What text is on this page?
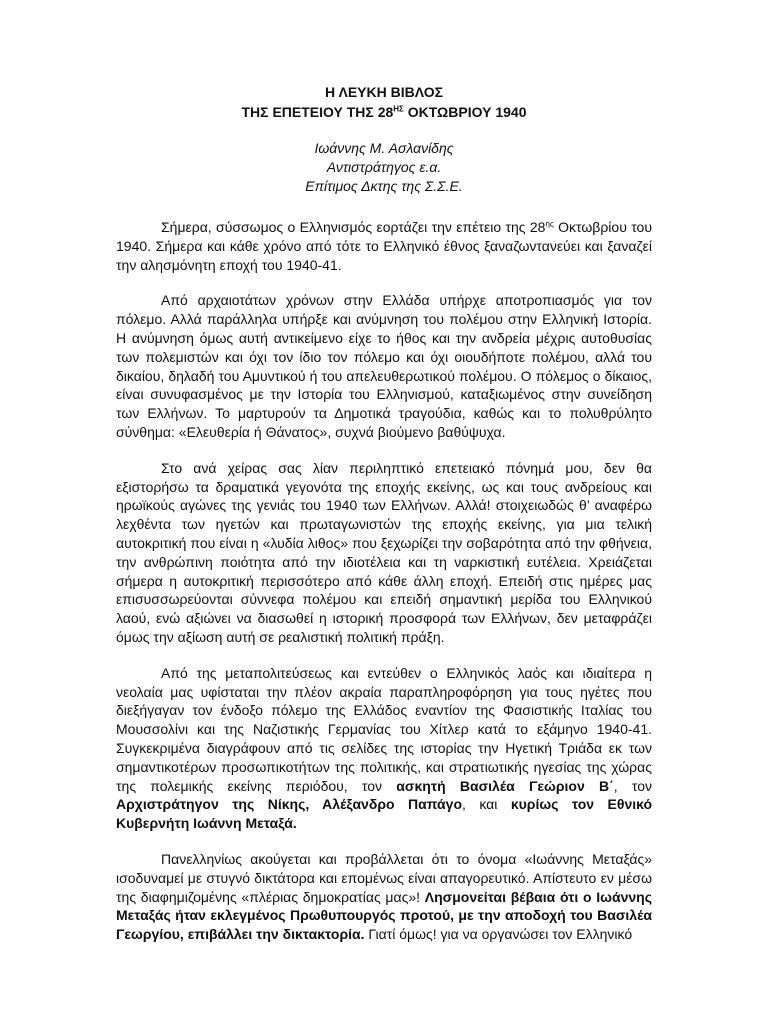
Η ΛΕΥΚΗ ΒΙΒΛΟΣ
ΤΗΣ ΕΠΕΤΕΙΟΥ ΤΗΣ $28^{H\Sigma}$ ΟΚΤΩΒΡΙΟΥ 1940

Ιωάννης Μ. Ασλανίδης
Αντιστράτηγος ε.α.
Επίτιμος Δκτης της Σ.Σ.Ε.

Σήμερα, σύσσωμος ο Ελληνισμός εορτάζει την επέτειο της $28^{\eta\varsigma}$ Οκτωβρίου του 1940. Σήμερα και κάθε χρόνο από τότε το Ελληνικό έθνος ξαναζωντανεύει και ξαναζεί την αλησμόνητη εποχή του 1940-41.

Από αρχαιοτάτων χρόνων στην Ελλάδα υπήρχε αποτροπιασμός για τον πόλεμο. Αλλά παράλληλα υπήρξε και ανύμνηση του πολέμου στην Ελληνική Ιστορία. Η ανύμνηση όμως αυτή αντικείμενο είχε το ήθος και την ανδρεία μέχρις αυτοθυσίας των πολεμιστών και όχι τον ίδιο τον πόλεμο και όχι οιουδήποτε πολέμου, αλλά του δικαίου, δηλαδή του Αμυντικού ή του απελευθερωτικού πολέμου. Ο πόλεμος ο δίκαιος, είναι συνυφασμένος με την Ιστορία του Ελληνισμού, καταξιωμένος στην συνείδηση των Ελλήνων. Το μαρτυρούν τα Δημοτικά τραγούδια, καθώς και το πολυθρύλητο σύνθημα: «Ελευθερία ή Θάνατος», συχνά βιούμενο βαθύψυχα.

Στο ανά χείρας σας λίαν περιληπτικό επετειακό πόνημά μου, δεν θα εξιστορήσω τα δραματικά γεγονότα της εποχής εκείνης, ως και τους ανδρείους και ηρωϊκούς αγώνες της γενιάς του 1940 των Ελλήνων. Αλλά! στοιχειωδώς θ’ αναφέρω λεχθέντα των ηγετών και πρωταγωνιστών της εποχής εκείνης, για μια τελική αυτοκριτική που είναι η «λυδία λιθος» που ξεχωρίζει την σοβαρότητα από την φθήνεια, την ανθρώπινη ποιότητα από την ιδιοτέλεια και τη ναρκιστική ευτέλεια. Χρειάζεται σήμερα η αυτοκριτική περισσότερο από κάθε άλλη εποχή. Επειδή στις ημέρες μας επισυσσωρεύονται σύννεφα πολέμου και επειδή σημαντική μερίδα του Ελληνικού λαού, ενώ αξιώνει να διασωθεί η ιστορική προσφορά των Ελλήνων, δεν μεταφράζει όμως την αξίωση αυτή σε ρεαλιστική πολιτική πράξη.

Από της μεταπολιτεύσεως και εντεύθεν ο Ελληνικός λαός και ιδιαίτερα η νεολαία μας υφίσταται την πλέον ακραία παραπληροφόρηση για τους ηγέτες που διεξήγαγαν τον ένδοξο πόλεμο της Ελλάδος εναντίον της Φασιστικής Ιταλίας του Μουσσολίνι και της Ναζιστικής Γερμανίας του Χίτλερ κατά το εξάμηνο 1940-41. Συγκεκριμένα διαγράφουν από τις σελίδες της ιστορίας την Ηγετική Τριάδα εκ των σημαντικοτέρων προσωπικοτήτων της πολιτικής, και στρατιωτικής ηγεσίας της χώρας της πολεμικής εκείνης περιόδου, τον ασκητή Βασιλέα Γεώριον Β΄, τον Αρχιστράτηγον της Νίκης, Αλέξανδρο Παπάγο, και κυρίως τον Εθνικό Κυβερνήτη Ιωάννη Μεταξά.

Πανελληνίως ακούγεται και προβάλλεται ότι το όνομα «Ιωάννης Μεταξάς» ισοδυναμεί με στυγνό δικτάτορα και επομένως είναι απαγορευτικό. Απίστευτο εν μέσω της διαφημιζομένης «πλέριας δημοκρατίας μας»! Λησμονείται βέβαια ότι ο Ιωάννης Μεταξάς ήταν εκλεγμένος Πρωθυπουργός προτού, με την αποδοχή του Βασιλέα Γεωργίου, επιβάλλει την δικτακτορία. Γιατί όμως! για να οργανώσει τον Ελληνικό
